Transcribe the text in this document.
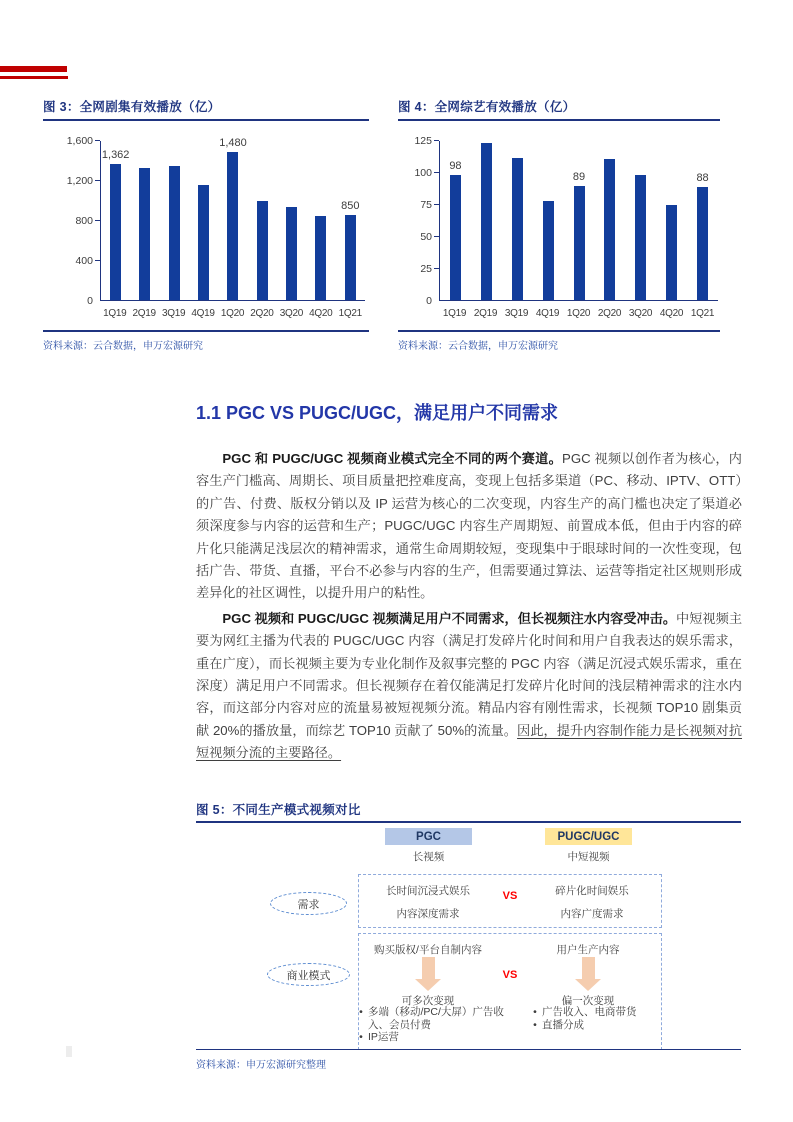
图 3：全网剧集有效播放（亿）
0
400
800
1,200
1,600
1,362
1,480
850
1Q19 2Q19 3Q19 4Q19 1Q20 2Q20 3Q20 4Q20 1Q21
资料来源：云合数据，申万宏源研究
图 4：全网综艺有效播放（亿）
0
25
50
75
100
125
98
89	88
1Q19 2Q19 3Q19 4Q19 1Q20 2Q20 3Q20 4Q20 1Q21
资料来源：云合数据，申万宏源研究
1.1 PGC VS PUGC/UGC，满足用户不同需求

PGC 和 PUGC/UGC 视频商业模式完全不同的两个赛道。PGC 视频以创作者为核心，内容生产门槛高、周期长、项目质量把控难度高，变现上包括多渠道（PC、移动、IPTV、OTT）的广告、付费、版权分销以及 IP 运营为核心的二次变现，内容生产的高门槛也决定了渠道必须深度参与内容的运营和生产；PUGC/UGC 内容生产周期短、前置成本低，但由于内容的碎片化只能满足浅层次的精神需求，通常生命周期较短，变现集中于眼球时间的一次性变现，包括广告、带货、直播，平台不必参与内容的生产，但需要通过算法、运营等指定社区规则形成差异化的社区调性，以提升用户的粘性。

PGC 视频和 PUGC/UGC 视频满足用户不同需求，但长视频注水内容受冲击。中短视频主要为网红主播为代表的 PUGC/UGC 内容（满足打发碎片化时间和用户自我表达的娱乐需求，重在广度），而长视频主要为专业化制作及叙事完整的 PGC 内容（满足沉浸式娱乐需求，重在深度）满足用户不同需求。但长视频存在着仅能满足打发碎片化时间的浅层精神需求的注水内容，而这部分内容对应的流量易被短视频分流。精品内容有刚性需求，长视频 TOP10 剧集贡献 20%的播放量，而综艺 TOP10 贡献了 50%的流量。因此，提升内容制作能力是长视频对抗短视频分流的主要路径。

图 5：不同生产模式视频对比
PGC	PUGC/UGC
长视频	中短视频
需求
长时间沉浸式娱乐
内容深度需求
VS	碎片化时间娱乐
内容广度需求
商业模式
购买版权/平台自制内容
VS
用户生产内容
可多次变现	偏一次变现
• 多端（移动/PC/大屏）广告收入、会员付费
• IP运营
• 广告收入、电商带货
• 直播分成
资料来源：申万宏源研究整理
